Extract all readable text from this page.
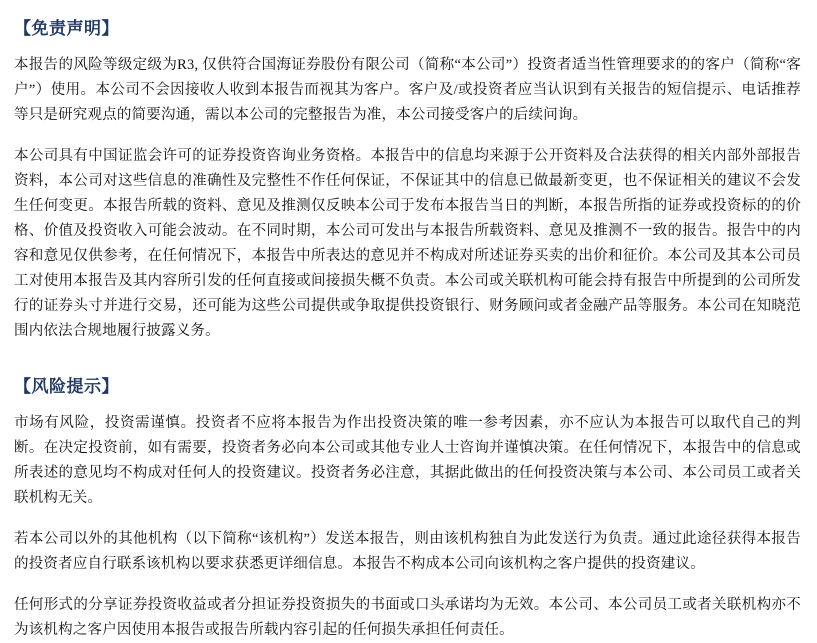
【免责声明】

本报告的风险等级定级为R3, 仅供符合国海证券股份有限公司（简称“本公司”）投资者适当性管理要求的的客户（简称“客户”）使用。本公司不会因接收人收到本报告而视其为客户。客户及/或投资者应当认识到有关报告的短信提示、电话推荐等只是研究观点的简要沟通，需以本公司的完整报告为准，本公司接受客户的后续问询。

本公司具有中国证监会许可的证券投资咨询业务资格。本报告中的信息均来源于公开资料及合法获得的相关内部外部报告资料，本公司对这些信息的准确性及完整性不作任何保证，不保证其中的信息已做最新变更，也不保证相关的建议不会发生任何变更。本报告所载的资料、意见及推测仅反映本公司于发布本报告当日的判断，本报告所指的证券或投资标的的价格、价值及投资收入可能会波动。在不同时期，本公司可发出与本报告所载资料、意见及推测不一致的报告。报告中的内容和意见仅供参考，在任何情况下，本报告中所表达的意见并不构成对所述证券买卖的出价和征价。本公司及其本公司员工对使用本报告及其内容所引发的任何直接或间接损失概不负责。本公司或关联机构可能会持有报告中所提到的公司所发行的证券头寸并进行交易，还可能为这些公司提供或争取提供投资银行、财务顾问或者金融产品等服务。本公司在知晓范围内依法合规地履行披露义务。

【风险提示】

市场有风险，投资需谨慎。投资者不应将本报告为作出投资决策的唯一参考因素，亦不应认为本报告可以取代自己的判断。在决定投资前，如有需要，投资者务必向本公司或其他专业人士咨询并谨慎决策。在任何情况下，本报告中的信息或所表述的意见均不构成对任何人的投资建议。投资者务必注意，其据此做出的任何投资决策与本公司、本公司员工或者关联机构无关。

若本公司以外的其他机构（以下简称“该机构”）发送本报告，则由该机构独自为此发送行为负责。通过此途径获得本报告的投资者应自行联系该机构以要求获悉更详细信息。本报告不构成本公司向该机构之客户提供的投资建议。

任何形式的分享证券投资收益或者分担证券投资损失的书面或口头承诺均为无效。本公司、本公司员工或者关联机构亦不为该机构之客户因使用本报告或报告所载内容引起的任何损失承担任何责任。
